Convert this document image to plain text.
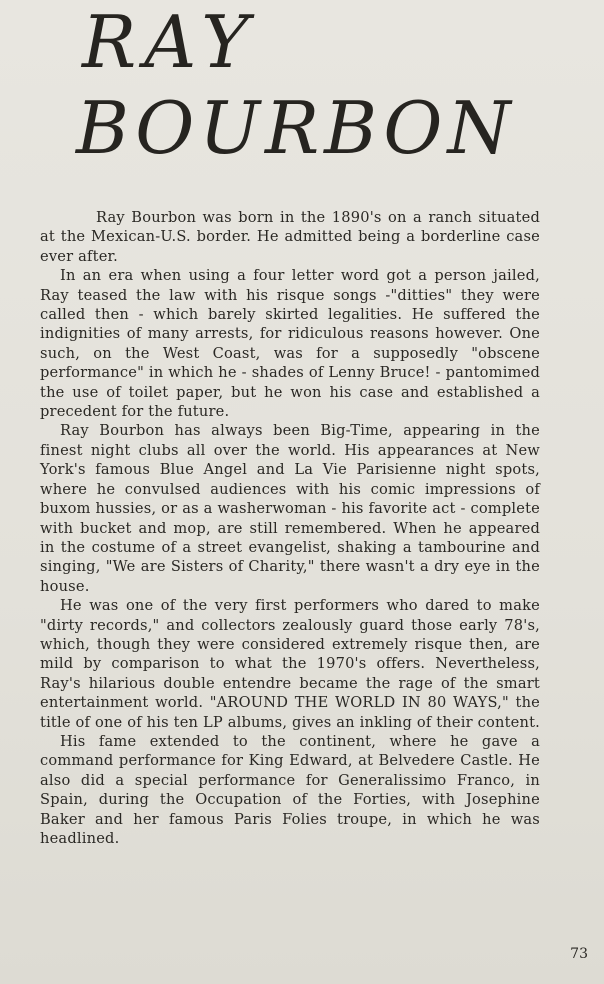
RAY
BOURBON

Ray Bourbon was born in the 1890's on a ranch situated at the Mexican-U.S. border. He admitted being a borderline case ever after.

In an era when using a four letter word got a person jailed, Ray teased the law with his risque songs -"ditties" they were called then - which barely skirted legalities. He suffered the indignities of many arrests, for ridiculous reasons however. One such, on the West Coast, was for a supposedly "obscene performance" in which he - shades of Lenny Bruce! - pantomimed the use of toilet paper, but he won his case and established a precedent for the future.

Ray Bourbon has always been Big-Time, appearing in the finest night clubs all over the world. His appearances at New York's famous Blue Angel and La Vie Parisienne night spots, where he convulsed audiences with his comic impressions of buxom hussies, or as a washerwoman - his favorite act - complete with bucket and mop, are still remembered. When he appeared in the costume of a street evangelist, shaking a tambourine and singing, "We are Sisters of Charity," there wasn't a dry eye in the house.

He was one of the very first performers who dared to make "dirty records," and collectors zealously guard those early 78's, which, though they were considered extremely risque then, are mild by comparison to what the 1970's offers. Nevertheless, Ray's hilarious double entendre became the rage of the smart entertainment world. "AROUND THE WORLD IN 80 WAYS," the title of one of his ten LP albums, gives an inkling of their content.

His fame extended to the continent, where he gave a command performance for King Edward, at Belvedere Castle. He also did a special performance for Generalissimo Franco, in Spain, during the Occupation of the Forties, with Josephine Baker and her famous Paris Folies troupe, in which he was headlined.

73
